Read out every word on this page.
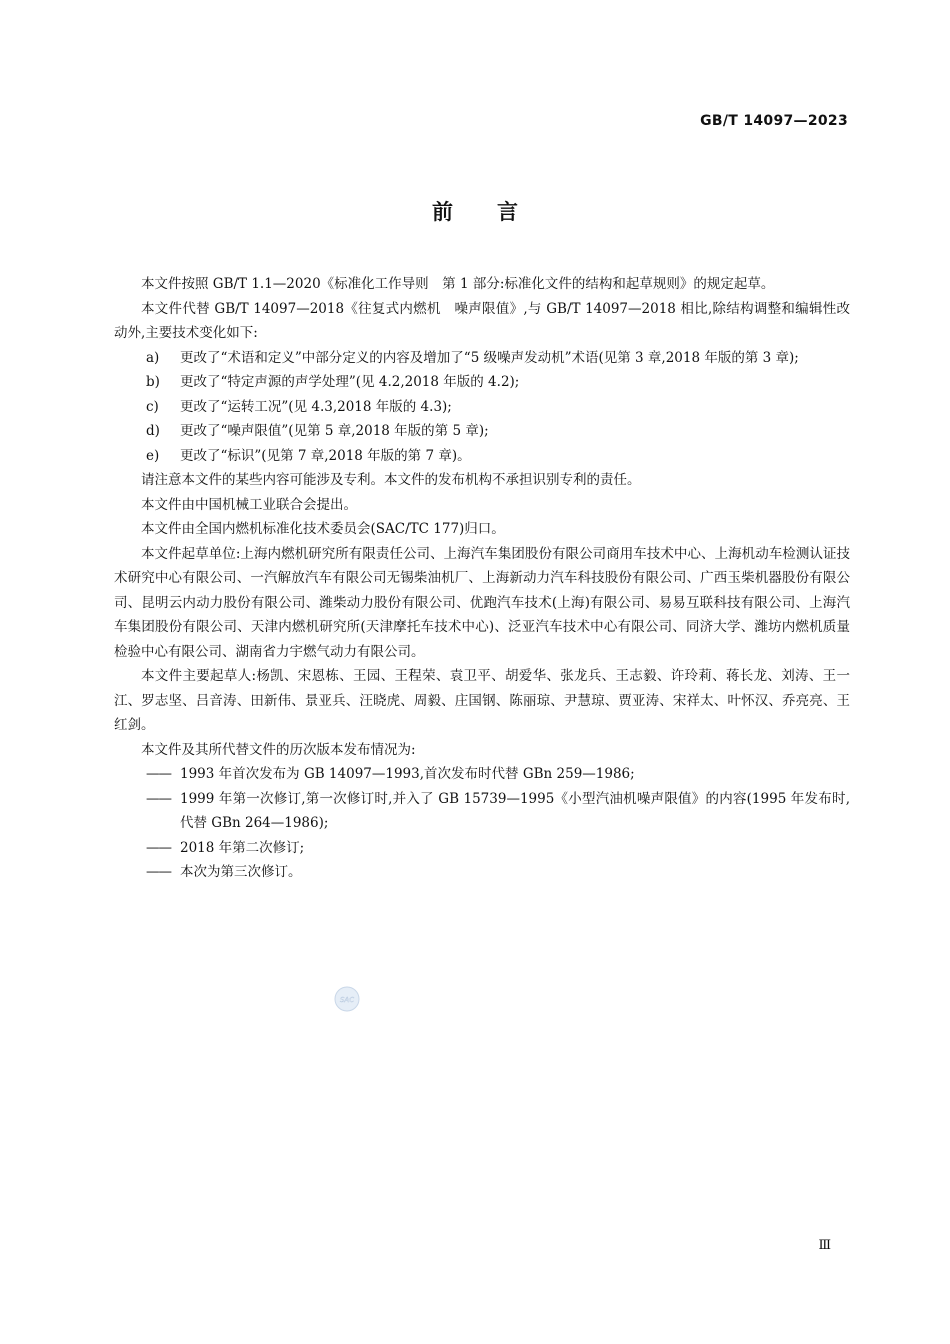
GB/T 14097—2023
前言

本文件按照 GB/T 1.1—2020《标准化工作导则　第 1 部分:标准化文件的结构和起草规则》的规定起草。

本文件代替 GB/T 14097—2018《往复式内燃机　噪声限值》,与 GB/T 14097—2018 相比,除结构调整和编辑性改动外,主要技术变化如下:

a) 更改了“术语和定义”中部分定义的内容及增加了“5 级噪声发动机”术语(见第 3 章,2018 年版的第 3 章);

b) 更改了“特定声源的声学处理”(见 4.2,2018 年版的 4.2);

c) 更改了“运转工况”(见 4.3,2018 年版的 4.3);

d) 更改了“噪声限值”(见第 5 章,2018 年版的第 5 章);

e) 更改了“标识”(见第 7 章,2018 年版的第 7 章)。

请注意本文件的某些内容可能涉及专利。本文件的发布机构不承担识别专利的责任。

本文件由中国机械工业联合会提出。

本文件由全国内燃机标准化技术委员会(SAC/TC 177)归口。

本文件起草单位:上海内燃机研究所有限责任公司、上海汽车集团股份有限公司商用车技术中心、上海机动车检测认证技术研究中心有限公司、一汽解放汽车有限公司无锡柴油机厂、上海新动力汽车科技股份有限公司、广西玉柴机器股份有限公司、昆明云内动力股份有限公司、潍柴动力股份有限公司、优跑汽车技术(上海)有限公司、易易互联科技有限公司、上海汽车集团股份有限公司、天津内燃机研究所(天津摩托车技术中心)、泛亚汽车技术中心有限公司、同济大学、潍坊内燃机质量检验中心有限公司、湖南省力宇燃气动力有限公司。

本文件主要起草人:杨凯、宋恩栋、王园、王程荣、袁卫平、胡爱华、张龙兵、王志毅、许玲莉、蒋长龙、刘涛、王一江、罗志坚、吕音涛、田新伟、景亚兵、汪晓虎、周毅、庄国钢、陈丽琼、尹慧琼、贾亚涛、宋祥太、叶怀汉、乔亮亮、王红剑。

本文件及其所代替文件的历次版本发布情况为:

—— 1993 年首次发布为 GB 14097—1993,首次发布时代替 GBn 259—1986;

—— 1999 年第一次修订,第一次修订时,并入了 GB 15739—1995《小型汽油机噪声限值》的内容(1995 年发布时,代替 GBn 264—1986);

—— 2018 年第二次修订;

—— 本次为第三次修订。

SAC
Ⅲ
